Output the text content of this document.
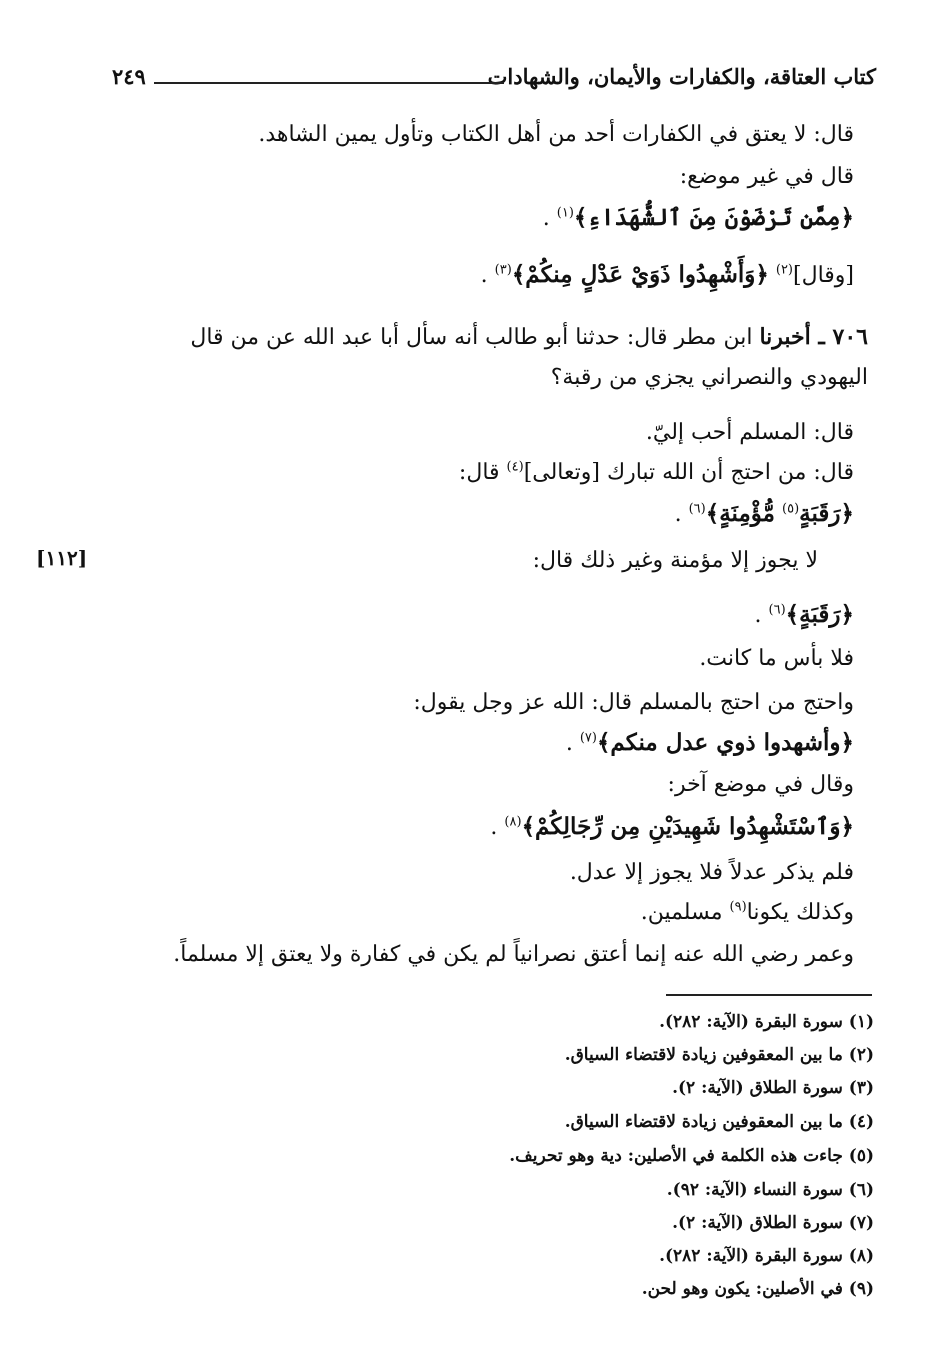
كتاب العتاقة، والكفارات والأيمان، والشهادات
٢٤٩
قال: لا يعتق في الكفارات أحد من أهل الكتاب وتأول يمين الشاهد.
قال في غير موضع:
﴿مِمَّن تَرْضَوْنَ مِنَ ٱلشُّهَدَاءِ﴾$^{(١)}$ .
[وقال]$^{(٢)}$ ﴿وَأَشْهِدُوا ذَوَيْ عَدْلٍ مِنكُمْ﴾$^{(٣)}$ .
٧٠٦ ـ أخبرنا ابن مطر قال: حدثنا أبو طالب أنه سأل أبا عبد الله عن من قال
اليهودي والنصراني يجزي من رقبة؟
قال: المسلم أحب إليّ.
قال: من احتج أن الله تبارك [وتعالى]$^{(٤)}$ قال:
﴿رَقَبَةٍ$^{(٥)}$ مُّؤْمِنَةٍ﴾$^{(٦)}$ .
[١١٢]	لا يجوز إلا مؤمنة وغير ذلك قال:
﴿رَقَبَةٍ﴾$^{(٦)}$ .
فلا بأس ما كانت.
واحتج من احتج بالمسلم قال: الله عز وجل يقول:
﴿وأشهدوا ذوي عدل منكم﴾$^{(٧)}$ .
وقال في موضع آخر:
﴿وَٱسْتَشْهِدُوا شَهِيدَيْنِ مِن رِّجَالِكُمْ﴾$^{(٨)}$ .
فلم يذكر عدلاً فلا يجوز إلا عدل.
وكذلك يكونا$^{(٩)}$ مسلمين.
وعمر رضي الله عنه إنما أعتق نصرانياً لم يكن في كفارة ولا يعتق إلا مسلماً.
(١) سورة البقرة (الآية: ٢٨٢).
(٢) ما بين المعقوفين زيادة لاقتضاء السياق.
(٣) سورة الطلاق (الآية: ٢).
(٤) ما بين المعقوفين زيادة لاقتضاء السياق.
(٥) جاءت هذه الكلمة في الأصلين: دية وهو تحريف.
(٦) سورة النساء (الآية: ٩٢).
(٧) سورة الطلاق (الآية: ٢).
(٨) سورة البقرة (الآية: ٢٨٢).
(٩) في الأصلين: يكون وهو لحن.
